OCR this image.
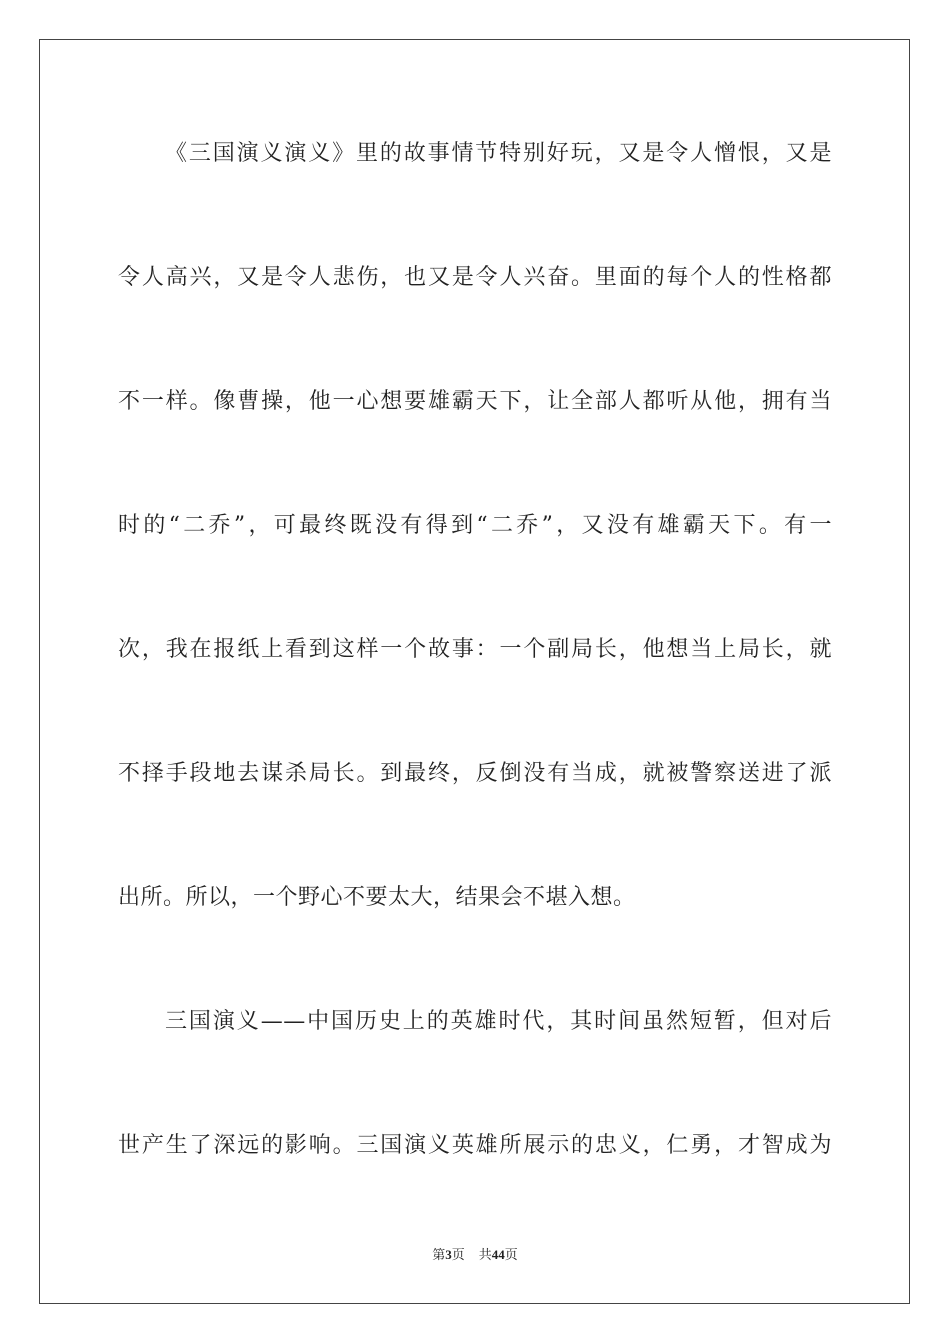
《三国演义演义》里的故事情节特别好玩，又是令人憎恨，又是
令人高兴，又是令人悲伤，也又是令人兴奋。里面的每个人的性格都
不一样。像曹操，他一心想要雄霸天下，让全部人都听从他，拥有当
时的“二乔”，可最终既没有得到“二乔”，又没有雄霸天下。有一
次，我在报纸上看到这样一个故事：一个副局长，他想当上局长，就
不择手段地去谋杀局长。到最终，反倒没有当成，就被警察送进了派
出所。所以，一个野心不要太大，结果会不堪入想。
三国演义——中国历史上的英雄时代，其时间虽然短暂，但对后
世产生了深远的影响。三国演义英雄所展示的忠义，仁勇，才智成为
第3页 共44页
